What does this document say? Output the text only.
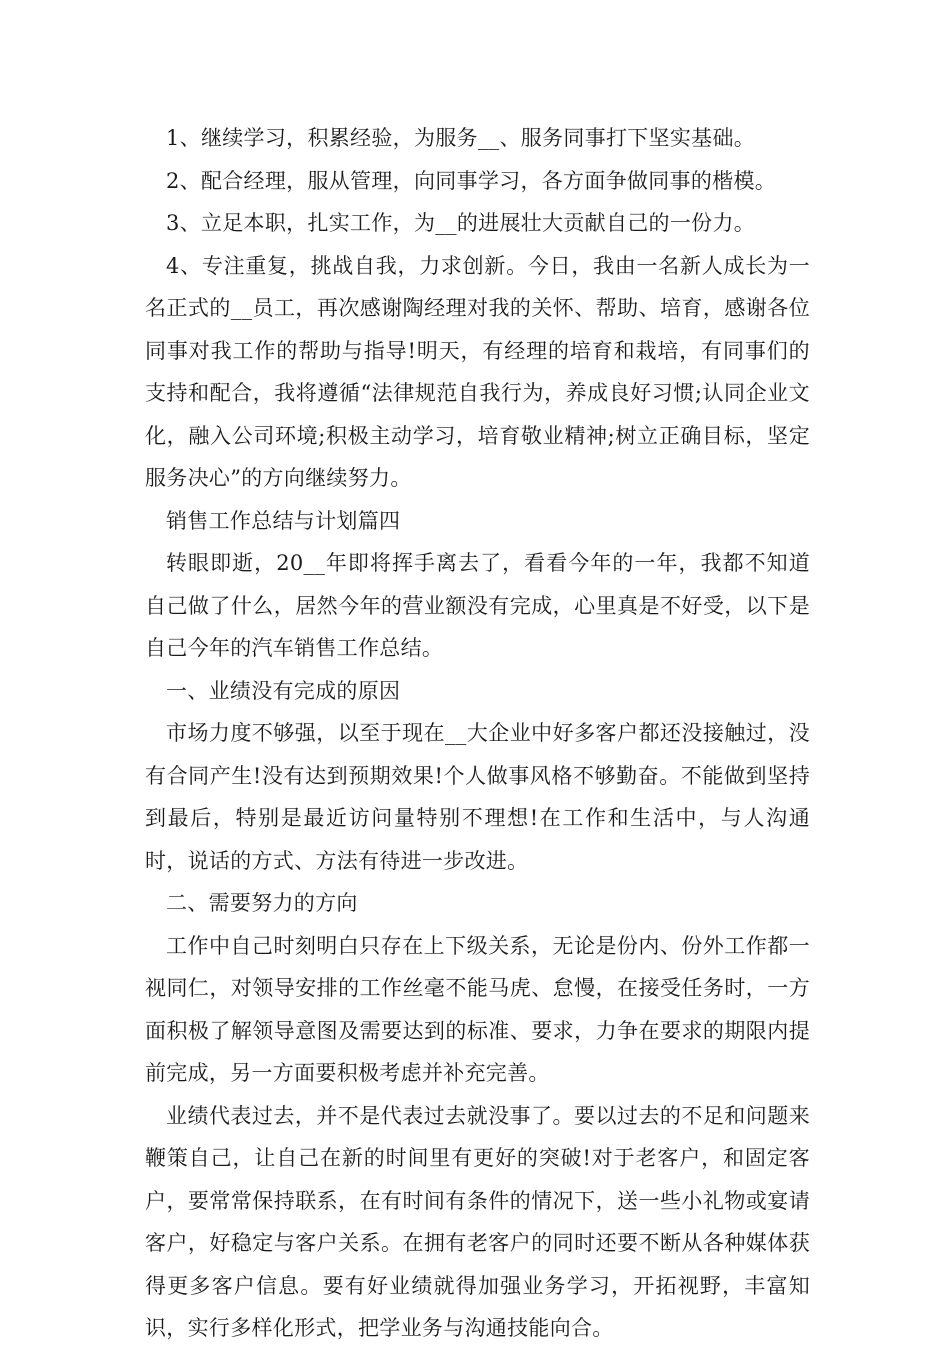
1、继续学习，积累经验，为服务__、服务同事打下坚实基础。

2、配合经理，服从管理，向同事学习，各方面争做同事的楷模。

3、立足本职，扎实工作，为__的进展壮大贡献自己的一份力。

4、专注重复，挑战自我，力求创新。今日，我由一名新人成长为一名正式的__员工，再次感谢陶经理对我的关怀、帮助、培育，感谢各位同事对我工作的帮助与指导!明天，有经理的培育和栽培，有同事们的支持和配合，我将遵循“法律规范自我行为，养成良好习惯;认同企业文化，融入公司环境;积极主动学习，培育敬业精神;树立正确目标，坚定服务决心”的方向继续努力。

销售工作总结与计划篇四

转眼即逝，20__年即将挥手离去了，看看今年的一年，我都不知道自己做了什么，居然今年的营业额没有完成，心里真是不好受，以下是自己今年的汽车销售工作总结。

一、业绩没有完成的原因

市场力度不够强，以至于现在__大企业中好多客户都还没接触过，没有合同产生!没有达到预期效果!个人做事风格不够勤奋。不能做到坚持到最后，特别是最近访问量特别不理想!在工作和生活中，与人沟通时，说话的方式、方法有待进一步改进。

二、需要努力的方向

工作中自己时刻明白只存在上下级关系，无论是份内、份外工作都一视同仁，对领导安排的工作丝毫不能马虎、怠慢，在接受任务时，一方面积极了解领导意图及需要达到的标准、要求，力争在要求的期限内提前完成，另一方面要积极考虑并补充完善。

业绩代表过去，并不是代表过去就没事了。要以过去的不足和问题来鞭策自己，让自己在新的时间里有更好的突破!对于老客户，和固定客户，要常常保持联系，在有时间有条件的情况下，送一些小礼物或宴请客户，好稳定与客户关系。在拥有老客户的同时还要不断从各种媒体获得更多客户信息。要有好业绩就得加强业务学习，开拓视野，丰富知识，实行多样化形式，把学业务与沟通技能向合。
